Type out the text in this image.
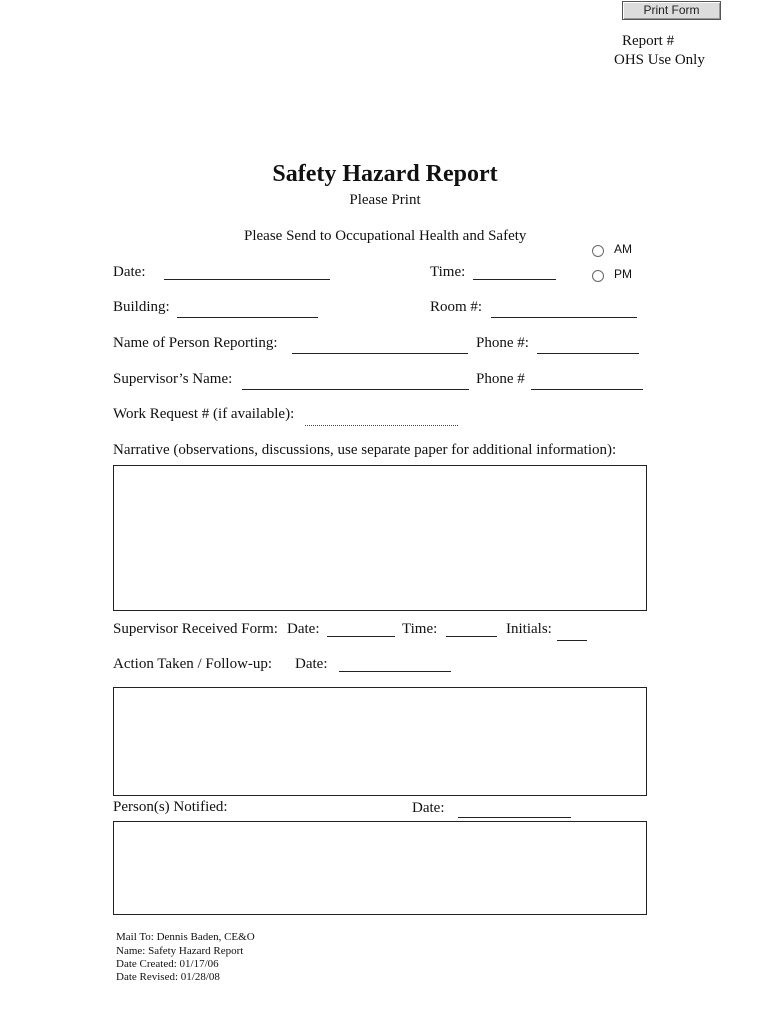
Print Form
Report #
OHS Use Only
Safety Hazard Report
Please Print
Please Send to Occupational Health and Safety
AM
PM
Date:	Time:
Building:	Room #:
Name of Person Reporting:	Phone #:
Supervisor’s Name:	Phone #
Work Request # (if available):
Narrative (observations, discussions, use separate paper for additional information):
Supervisor Received Form: Date:	Time:	Initials:
Action Taken / Follow-up: Date:
Person(s) Notified:	Date:
Mail To: Dennis Baden, CE&O
Name: Safety Hazard Report
Date Created: 01/17/06
Date Revised: 01/28/08
